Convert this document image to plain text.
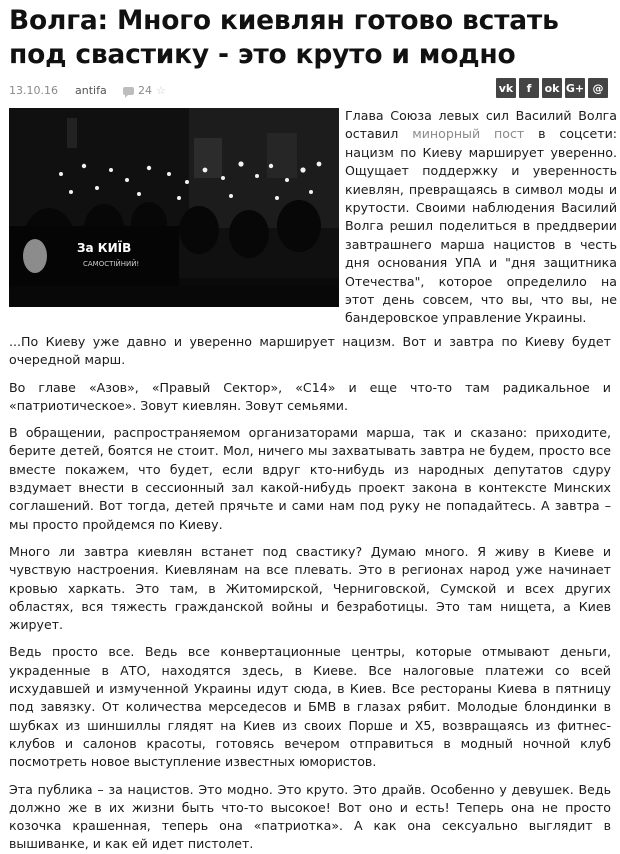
Волга: Много киевлян готово встать под свастику - это круто и модно
13.10.16 antifa	24 ☆	vk	f	ok G+ @
За КИЇВ
САМОСТІЙНИЙ!
Глава Союза левых сил Василий Волга оставил минорный пост в соцсети: нацизм по Киеву марширует уверенно. Ощущает поддержку и уверенность киевлян, превращаясь в символ моды и крутости. Своими наблюдения Василий Волга решил поделиться в преддверии завтрашнего марша нацистов в честь дня основания УПА и "дня защитника Отечества", которое определило на этот день совсем, что вы, что вы, не бандеровское управление Украины.

...По Киеву уже давно и уверенно марширует нацизм. Вот и завтра по Киеву будет очередной марш.

Во главе «Азов», «Правый Сектор», «С14» и еще что-то там радикальное и «патриотическое». Зовут киевлян. Зовут семьями.

В обращении, распространяемом организаторами марша, так и сказано: приходите, берите детей, боятся не стоит. Мол, ничего мы захватывать завтра не будем, просто все вместе покажем, что будет, если вдруг кто-нибудь из народных депутатов сдуру вздумает внести в сессионный зал какой-нибудь проект закона в контексте Минских соглашений. Вот тогда, детей прячьте и сами нам под руку не попадайтесь. А завтра – мы просто пройдемся по Киеву.

Много ли завтра киевлян встанет под свастику? Думаю много. Я живу в Киеве и чувствую настроения. Киевлянам на все плевать. Это в регионах народ уже начинает кровью харкать. Это там, в Житомирской, Черниговской, Сумской и всех других областях, вся тяжесть гражданской войны и безработицы. Это там нищета, а Киев жирует.

Ведь просто все. Ведь все конвертационные центры, которые отмывают деньги, украденные в АТО, находятся здесь, в Киеве. Все налоговые платежи со всей исхудавшей и измученной Украины идут сюда, в Киев. Все рестораны Киева в пятницу под завязку. От количества мерседесов и БМВ в глазах рябит. Молодые блондинки в шубках из шиншиллы глядят на Киев из своих Порше и X5, возвращаясь из фитнес-клубов и салонов красоты, готовясь вечером отправиться в модный ночной клуб посмотреть новое выступление известных юмористов.

Эта публика – за нацистов. Это модно. Это круто. Это драйв. Особенно у девушек. Ведь должно же в их жизни быть что-то высокое! Вот оно и есть! Теперь она не просто козочка крашенная, теперь она «патриотка». А как она сексуально выглядит в вышиванке, и как ей идет пистолет.
